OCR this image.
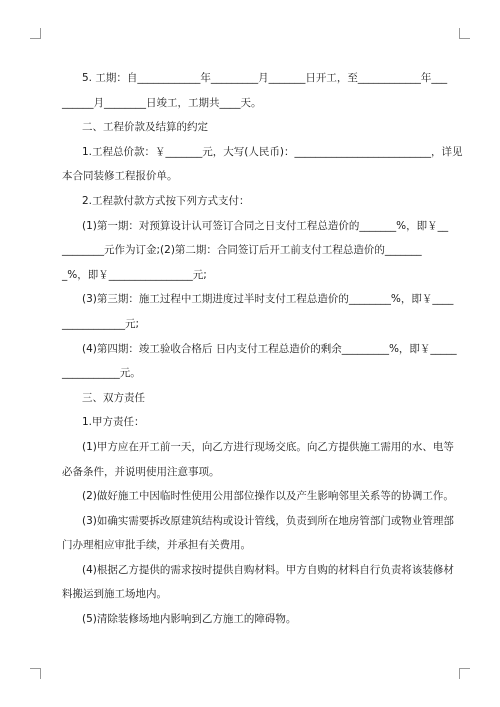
5. 工期：自____________年_________月_______日开工，至____________年___

______月________日竣工，工期共____天。

二、工程价款及结算的约定

1.工程总价款：￥_______元，大写(人民币)：__________________________，详见

本合同装修工程报价单。

2.工程款付款方式按下列方式支付：

(1)第一期：对预算设计认可签订合同之日支付工程总造价的_______%，即￥__

________元作为订金;(2)第二期：合同签订后开工前支付工程总造价的_______

_%，即￥________________元;

(3)第三期：施工过程中工期进度过半时支付工程总造价的________%，即￥____

____________元;

(4)第四期：竣工验收合格后 日内支付工程总造价的剩余_________%，即￥_____

___________元。

三、双方责任

1.甲方责任：

(1)甲方应在开工前一天，向乙方进行现场交底。向乙方提供施工需用的水、电等

必备条件，并说明使用注意事项。

(2)做好施工中因临时性使用公用部位操作以及产生影响邻里关系等的协调工作。

(3)如确实需要拆改原建筑结构或设计管线，负责到所在地房管部门或物业管理部

门办理相应审批手续，并承担有关费用。

(4)根据乙方提供的需求按时提供自购材料。甲方自购的材料自行负责将该装修材

料搬运到施工场地内。

(5)清除装修场地内影响到乙方施工的障碍物。
